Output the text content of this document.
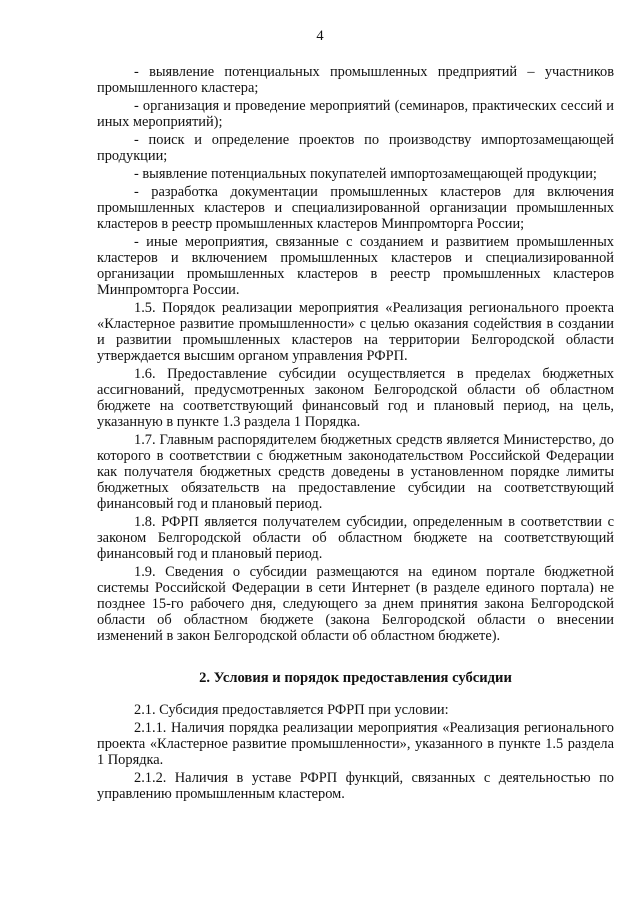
4

- выявление потенциальных промышленных предприятий – участников промышленного кластера;

- организация и проведение мероприятий (семинаров, практических сессий и иных мероприятий);

- поиск и определение проектов по производству импортозамещающей продукции;

- выявление потенциальных покупателей импортозамещающей продукции;

- разработка документации промышленных кластеров для включения промышленных кластеров и специализированной организации промышленных кластеров в реестр промышленных кластеров Минпромторга России;

- иные мероприятия, связанные с созданием и развитием промышленных кластеров и включением промышленных кластеров и специализированной организации промышленных кластеров в реестр промышленных кластеров Минпромторга России.

1.5. Порядок реализации мероприятия «Реализация регионального проекта «Кластерное развитие промышленности» с целью оказания содействия в создании и развитии промышленных кластеров на территории Белгородской области утверждается высшим органом управления РФРП.

1.6. Предоставление субсидии осуществляется в пределах бюджетных ассигнований, предусмотренных законом Белгородской области об областном бюджете на соответствующий финансовый год и плановый период, на цель, указанную в пункте 1.3 раздела 1 Порядка.

1.7. Главным распорядителем бюджетных средств является Министерство, до которого в соответствии с бюджетным законодательством Российской Федерации как получателя бюджетных средств доведены в установленном порядке лимиты бюджетных обязательств на предоставление субсидии на соответствующий финансовый год и плановый период.

1.8. РФРП является получателем субсидии, определенным в соответствии с законом Белгородской области об областном бюджете на соответствующий финансовый год и плановый период.

1.9. Сведения о субсидии размещаются на едином портале бюджетной системы Российской Федерации в сети Интернет (в разделе единого портала) не позднее 15-го рабочего дня, следующего за днем принятия закона Белгородской области об областном бюджете (закона Белгородской области о внесении изменений в закон Белгородской области об областном бюджете).

2. Условия и порядок предоставления субсидии

2.1. Субсидия предоставляется РФРП при условии:

2.1.1. Наличия порядка реализации мероприятия «Реализация регионального проекта «Кластерное развитие промышленности», указанного в пункте 1.5 раздела 1 Порядка.

2.1.2. Наличия в уставе РФРП функций, связанных с деятельностью по управлению промышленным кластером.
